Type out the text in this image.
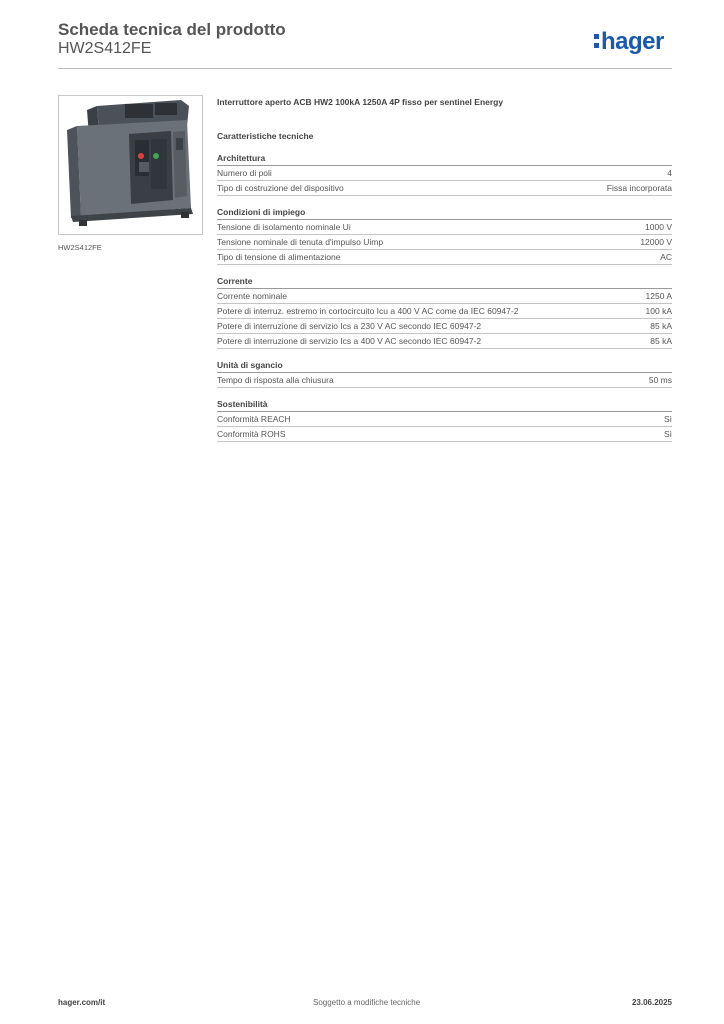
Scheda tecnica del prodotto
HW2S412FE	hager
HW2S412FE
Interruttore aperto ACB HW2 100kA 1250A 4P fisso per sentinel Energy
Caratteristiche tecniche
Architettura
Numero di poli	4
Tipo di costruzione del dispositivo	Fissa incorporata
Condizioni di impiego
Tensione di isolamento nominale Ui	1000 V
Tensione nominale di tenuta d'impulso Uimp	12000 V
Tipo di tensione di alimentazione	AC
Corrente
Corrente nominale	1250 A
Potere di interruz. estremo in cortocircuito Icu a 400 V AC come da IEC 60947-2	100 kA
Potere di interruzione di servizio Ics a 230 V AC secondo IEC 60947-2	85 kA
Potere di interruzione di servizio Ics a 400 V AC secondo IEC 60947-2	85 kA
Unità di sgancio
Tempo di risposta alla chiusura	50 ms
Sostenibilità
Conformità REACH	Sì
Conformità ROHS	Sì
hager.com/it	Soggetto a modifiche tecniche	23.06.2025
